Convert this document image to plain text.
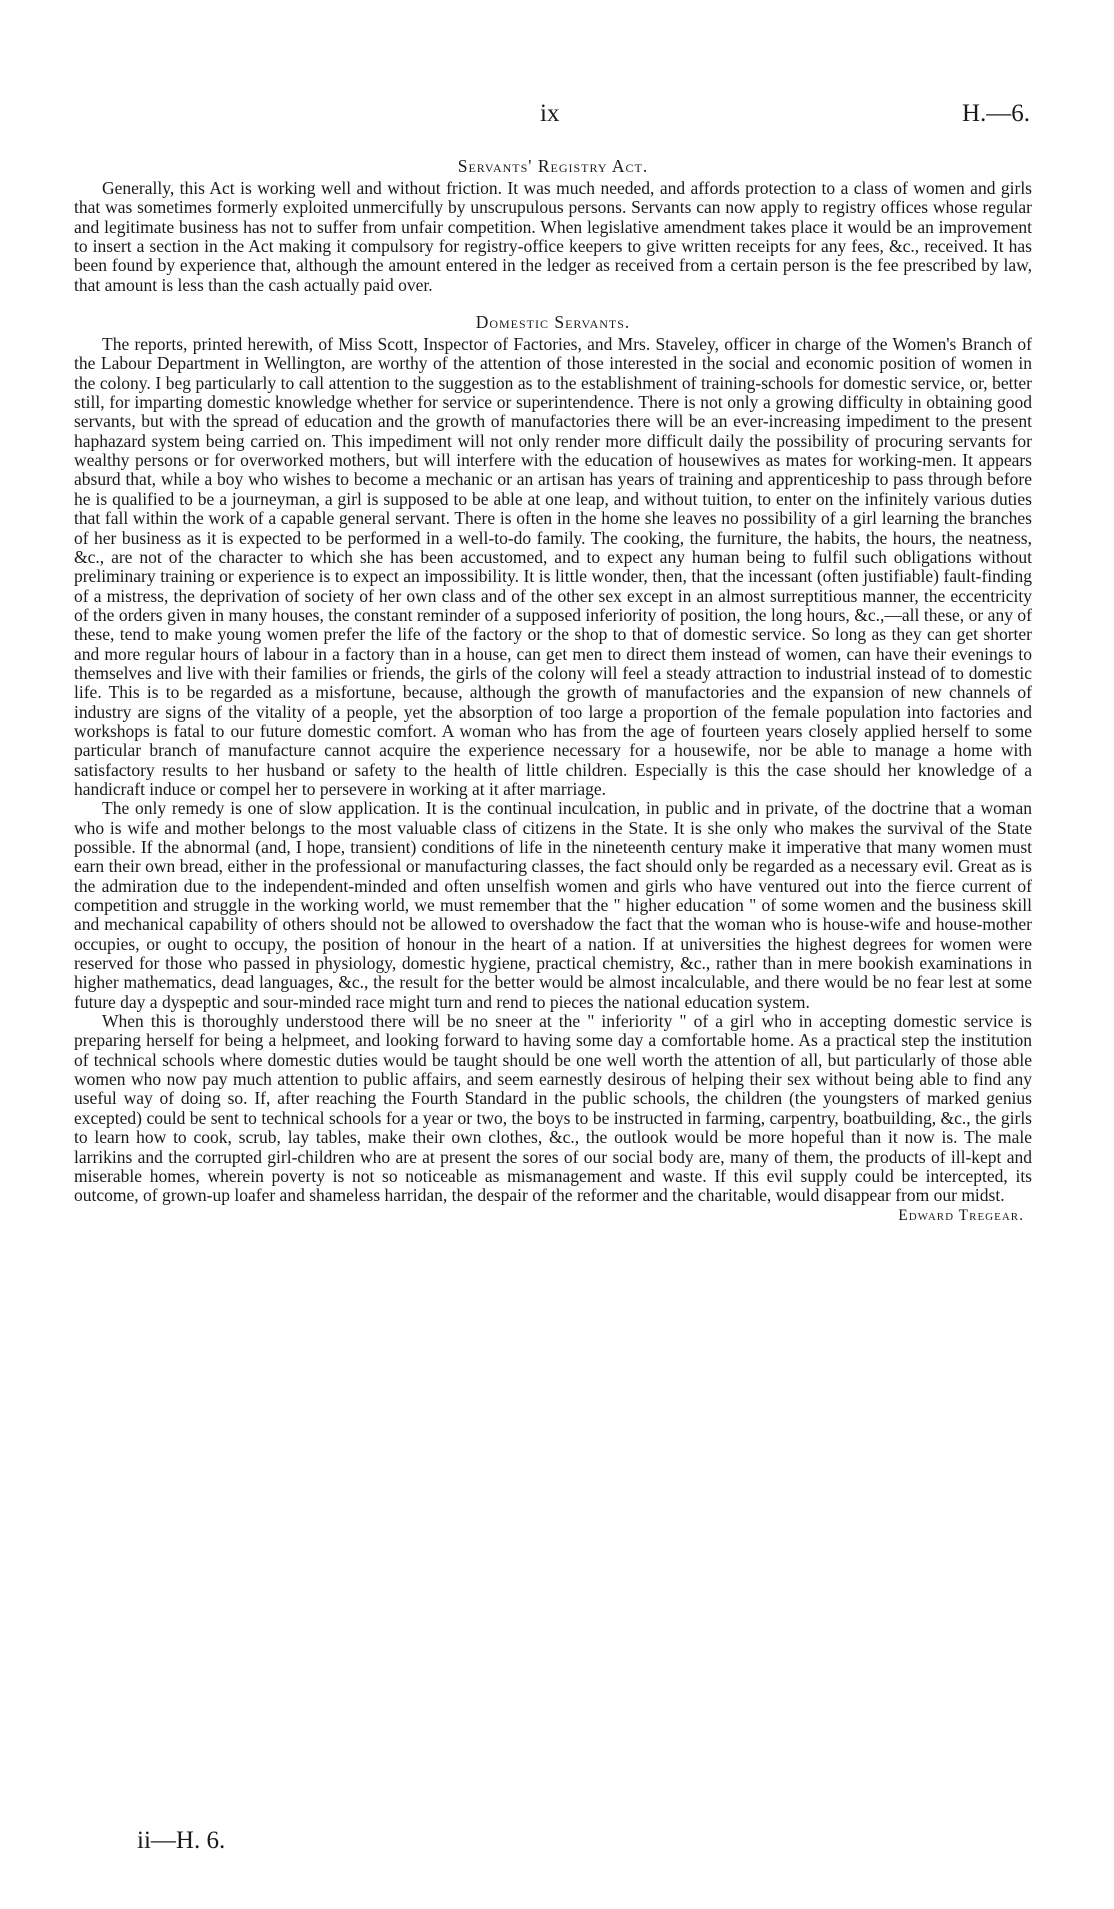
ix	H.—6.
Servants' Registry Act.

Generally, this Act is working well and without friction. It was much needed, and affords protection to a class of women and girls that was sometimes formerly exploited unmercifully by unscrupulous persons. Servants can now apply to registry offices whose regular and legitimate business has not to suffer from unfair competition. When legislative amendment takes place it would be an improvement to insert a section in the Act making it compulsory for registry-office keepers to give written receipts for any fees, &c., received. It has been found by experience that, although the amount entered in the ledger as received from a certain person is the fee prescribed by law, that amount is less than the cash actually paid over.

Domestic Servants.

The reports, printed herewith, of Miss Scott, Inspector of Factories, and Mrs. Staveley, officer in charge of the Women's Branch of the Labour Department in Wellington, are worthy of the attention of those interested in the social and economic position of women in the colony. I beg particularly to call attention to the suggestion as to the establishment of training-schools for domestic service, or, better still, for imparting domestic knowledge whether for service or superintendence. There is not only a growing difficulty in obtaining good servants, but with the spread of education and the growth of manufactories there will be an ever-increasing impediment to the present haphazard system being carried on. This impediment will not only render more difficult daily the possibility of procuring servants for wealthy persons or for overworked mothers, but will interfere with the education of housewives as mates for working-men. It appears absurd that, while a boy who wishes to become a mechanic or an artisan has years of training and apprenticeship to pass through before he is qualified to be a journeyman, a girl is supposed to be able at one leap, and without tuition, to enter on the infinitely various duties that fall within the work of a capable general servant. There is often in the home she leaves no possibility of a girl learning the branches of her business as it is expected to be performed in a well-to-do family. The cooking, the furniture, the habits, the hours, the neatness, &c., are not of the character to which she has been accustomed, and to expect any human being to fulfil such obligations without preliminary training or experience is to expect an impossibility. It is little wonder, then, that the incessant (often justifiable) fault-finding of a mistress, the deprivation of society of her own class and of the other sex except in an almost surreptitious manner, the eccentricity of the orders given in many houses, the constant reminder of a supposed inferiority of position, the long hours, &c.,—all these, or any of these, tend to make young women prefer the life of the factory or the shop to that of domestic service. So long as they can get shorter and more regular hours of labour in a factory than in a house, can get men to direct them instead of women, can have their evenings to themselves and live with their families or friends, the girls of the colony will feel a steady attraction to industrial instead of to domestic life. This is to be regarded as a misfortune, because, although the growth of manufactories and the expansion of new channels of industry are signs of the vitality of a people, yet the absorption of too large a proportion of the female population into factories and workshops is fatal to our future domestic comfort. A woman who has from the age of fourteen years closely applied herself to some particular branch of manufacture cannot acquire the experience necessary for a housewife, nor be able to manage a home with satisfactory results to her husband or safety to the health of little children. Especially is this the case should her knowledge of a handicraft induce or compel her to persevere in working at it after marriage.

The only remedy is one of slow application. It is the continual inculcation, in public and in private, of the doctrine that a woman who is wife and mother belongs to the most valuable class of citizens in the State. It is she only who makes the survival of the State possible. If the abnormal (and, I hope, transient) conditions of life in the nineteenth century make it imperative that many women must earn their own bread, either in the professional or manufacturing classes, the fact should only be regarded as a necessary evil. Great as is the admiration due to the independent-minded and often unselfish women and girls who have ventured out into the fierce current of competition and struggle in the working world, we must remember that the " higher education " of some women and the business skill and mechanical capability of others should not be allowed to overshadow the fact that the woman who is house-wife and house-mother occupies, or ought to occupy, the position of honour in the heart of a nation. If at universities the highest degrees for women were reserved for those who passed in physiology, domestic hygiene, practical chemistry, &c., rather than in mere bookish examinations in higher mathematics, dead languages, &c., the result for the better would be almost incalculable, and there would be no fear lest at some future day a dyspeptic and sour-minded race might turn and rend to pieces the national education system.

When this is thoroughly understood there will be no sneer at the " inferiority " of a girl who in accepting domestic service is preparing herself for being a helpmeet, and looking forward to having some day a comfortable home. As a practical step the institution of technical schools where domestic duties would be taught should be one well worth the attention of all, but particularly of those able women who now pay much attention to public affairs, and seem earnestly desirous of helping their sex without being able to find any useful way of doing so. If, after reaching the Fourth Standard in the public schools, the children (the youngsters of marked genius excepted) could be sent to technical schools for a year or two, the boys to be instructed in farming, carpentry, boatbuilding, &c., the girls to learn how to cook, scrub, lay tables, make their own clothes, &c., the outlook would be more hopeful than it now is. The male larrikins and the corrupted girl-children who are at present the sores of our social body are, many of them, the products of ill-kept and miserable homes, wherein poverty is not so noticeable as mismanagement and waste. If this evil supply could be intercepted, its outcome, of grown-up loafer and shameless harridan, the despair of the reformer and the charitable, would disappear from our midst.

Edward Tregear.
ii—H. 6.
